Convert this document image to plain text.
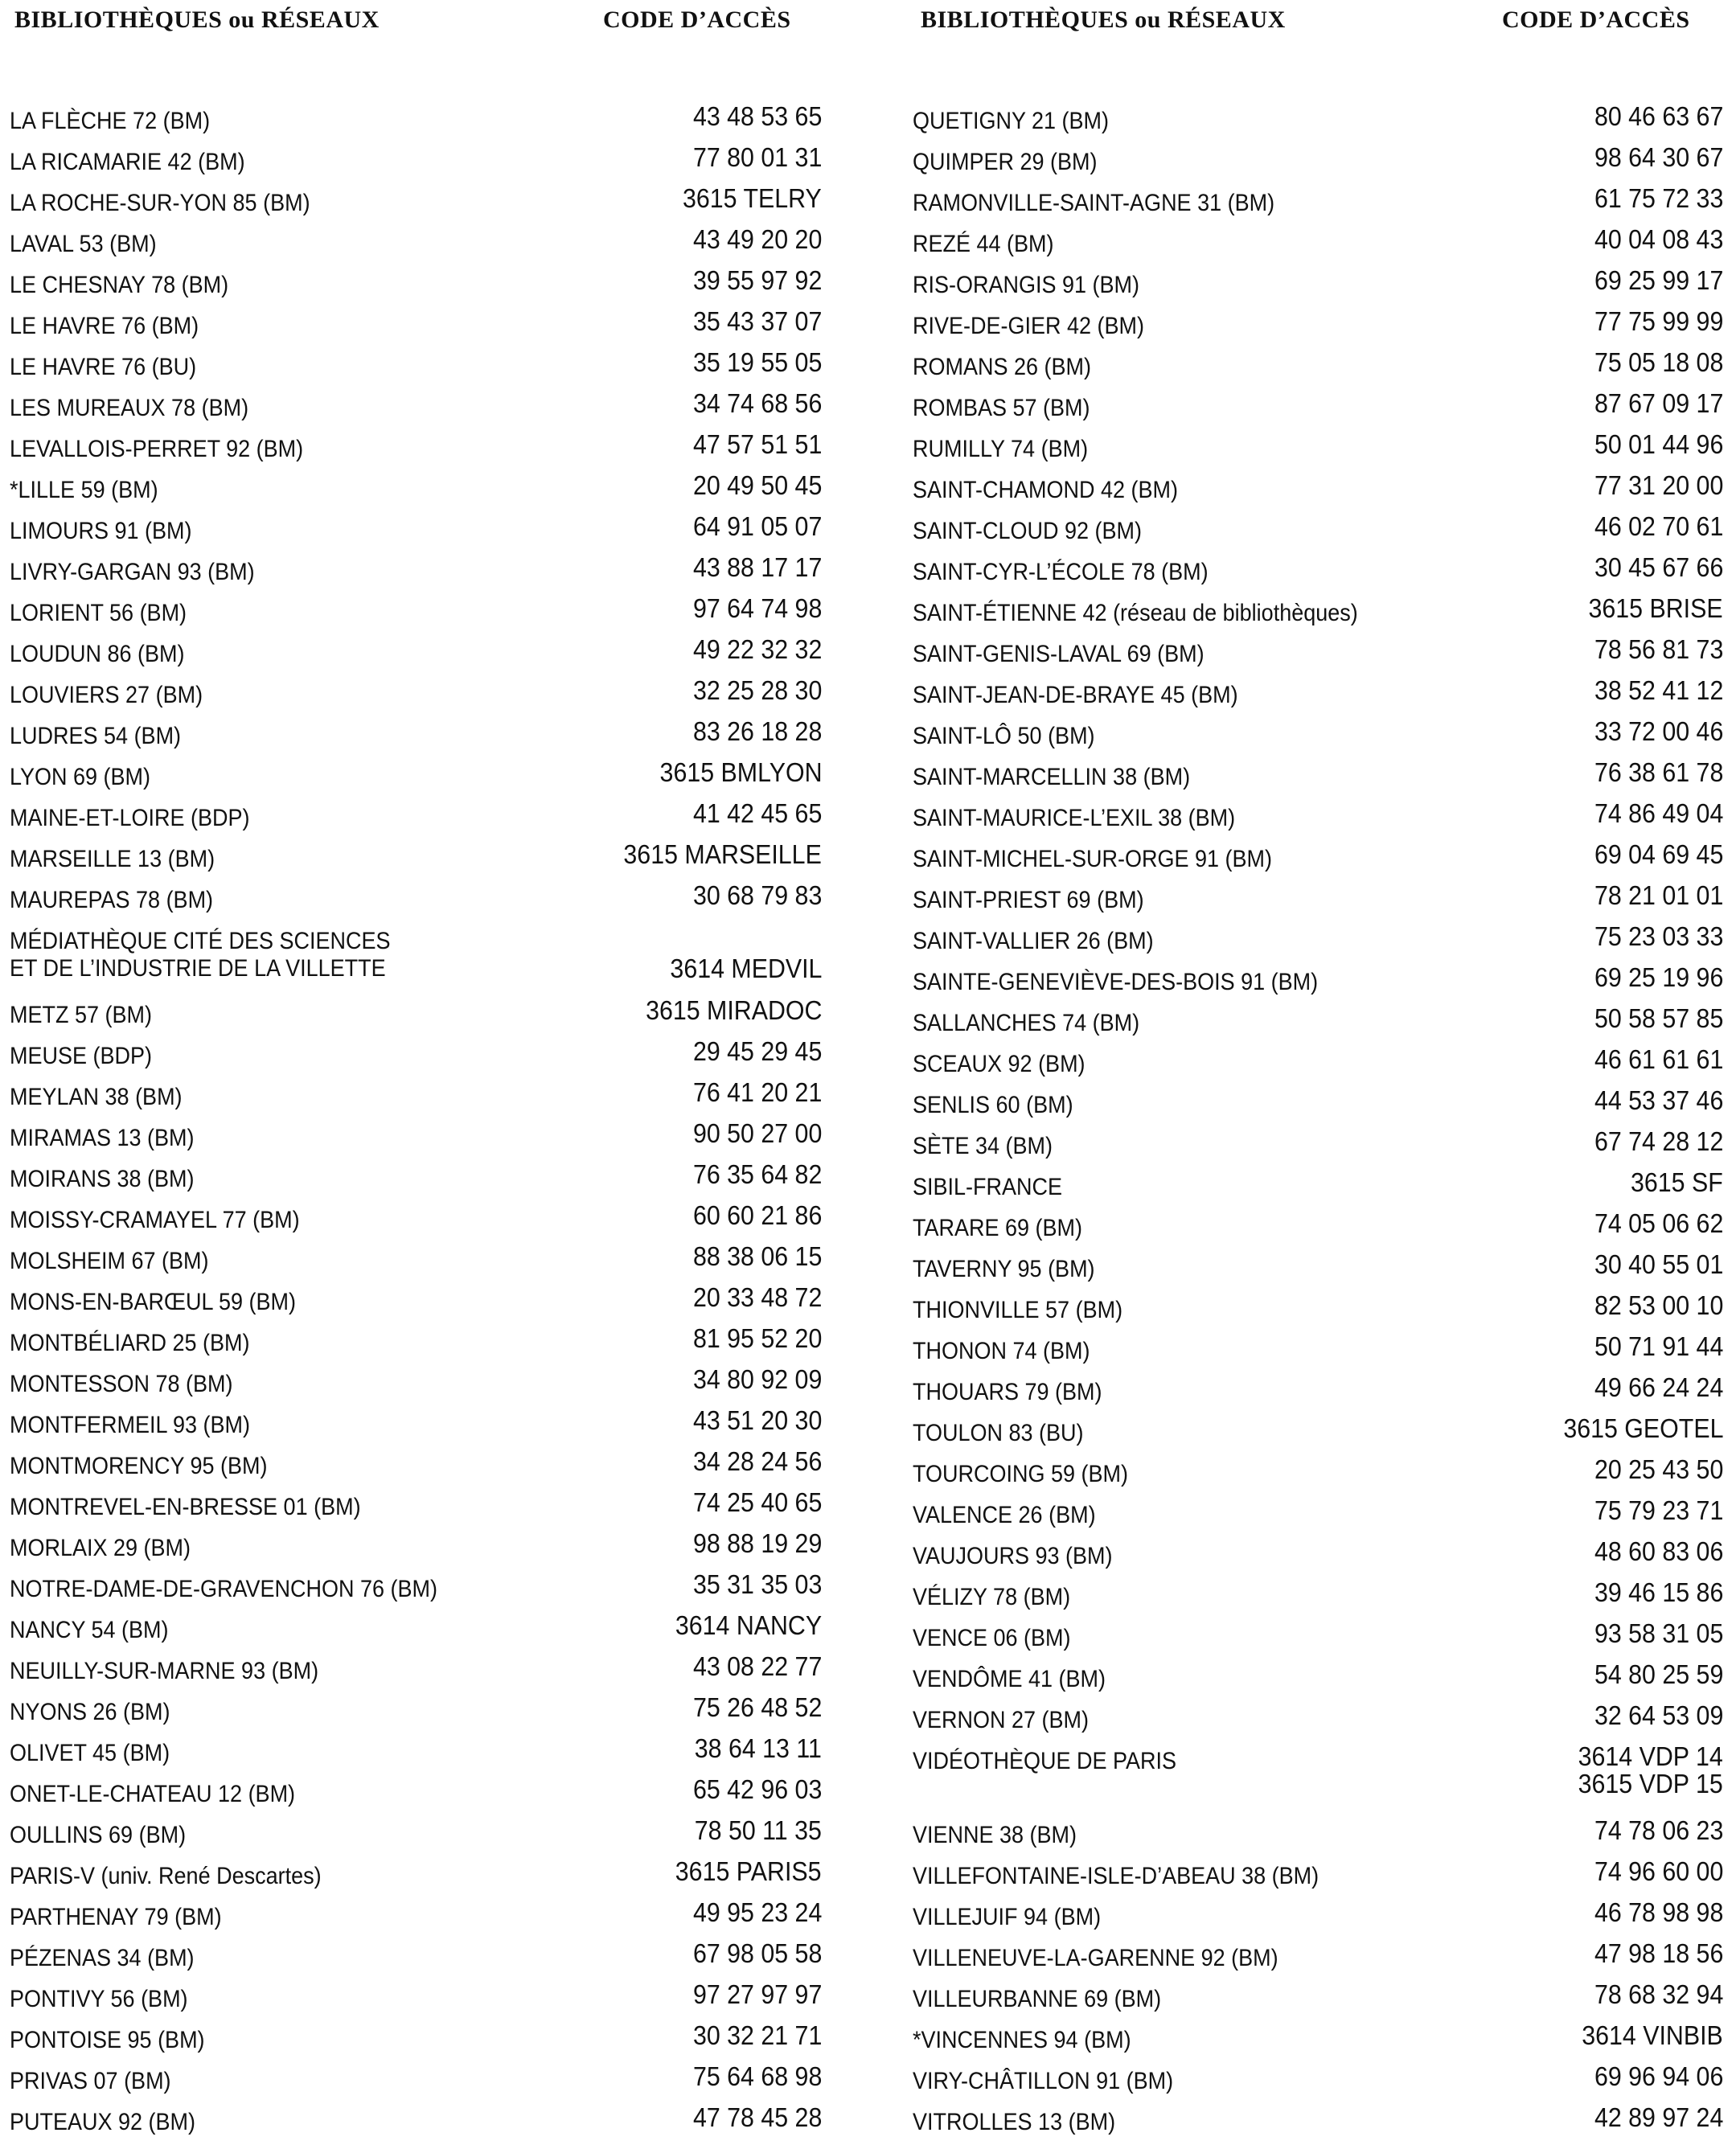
BIBLIOTHÈQUES ou RÉSEAUX	CODE D’ACCÈS	BIBLIOTHÈQUES ou RÉSEAUX	CODE D’ACCÈS
LA FLÈCHE 72 (BM)	43 48 53 65
LA RICAMARIE 42 (BM)	77 80 01 31
LA ROCHE-SUR-YON 85 (BM)	3615 TELRY
LAVAL 53 (BM)	43 49 20 20
LE CHESNAY 78 (BM)	39 55 97 92
LE HAVRE 76 (BM)	35 43 37 07
LE HAVRE 76 (BU)	35 19 55 05
LES MUREAUX 78 (BM)	34 74 68 56
LEVALLOIS-PERRET 92 (BM)	47 57 51 51
*LILLE 59 (BM)	20 49 50 45
LIMOURS 91 (BM)	64 91 05 07
LIVRY-GARGAN 93 (BM)	43 88 17 17
LORIENT 56 (BM)	97 64 74 98
LOUDUN 86 (BM)	49 22 32 32
LOUVIERS 27 (BM)	32 25 28 30
LUDRES 54 (BM)	83 26 18 28
LYON 69 (BM)	3615 BMLYON
MAINE-ET-LOIRE (BDP)	41 42 45 65
MARSEILLE 13 (BM)	3615 MARSEILLE
MAUREPAS 78 (BM)	30 68 79 83
MÉDIATHÈQUE CITÉ DES SCIENCES
ET DE L’INDUSTRIE DE LA VILLETTE	3614 MEDVIL
METZ 57 (BM)	3615 MIRADOC
MEUSE (BDP)	29 45 29 45
MEYLAN 38 (BM)	76 41 20 21
MIRAMAS 13 (BM)	90 50 27 00
MOIRANS 38 (BM)	76 35 64 82
MOISSY-CRAMAYEL 77 (BM)	60 60 21 86
MOLSHEIM 67 (BM)	88 38 06 15
MONS-EN-BARŒUL 59 (BM)	20 33 48 72
MONTBÉLIARD 25 (BM)	81 95 52 20
MONTESSON 78 (BM)	34 80 92 09
MONTFERMEIL 93 (BM)	43 51 20 30
MONTMORENCY 95 (BM)	34 28 24 56
MONTREVEL-EN-BRESSE 01 (BM)	74 25 40 65
MORLAIX 29 (BM)	98 88 19 29
NOTRE-DAME-DE-GRAVENCHON 76 (BM)	35 31 35 03
NANCY 54 (BM)	3614 NANCY
NEUILLY-SUR-MARNE 93 (BM)	43 08 22 77
NYONS 26 (BM)	75 26 48 52
OLIVET 45 (BM)	38 64 13 11
ONET-LE-CHATEAU 12 (BM)	65 42 96 03
OULLINS 69 (BM)	78 50 11 35
PARIS-V (univ. René Descartes)	3615 PARIS5
PARTHENAY 79 (BM)	49 95 23 24
PÉZENAS 34 (BM)	67 98 05 58
PONTIVY 56 (BM)	97 27 97 97
PONTOISE 95 (BM)	30 32 21 71
PRIVAS 07 (BM)	75 64 68 98
PUTEAUX 92 (BM)	47 78 45 28
QUETIGNY 21 (BM)	80 46 63 67
QUIMPER 29 (BM)	98 64 30 67
RAMONVILLE-SAINT-AGNE 31 (BM)	61 75 72 33
REZÉ 44 (BM)	40 04 08 43
RIS-ORANGIS 91 (BM)	69 25 99 17
RIVE-DE-GIER 42 (BM)	77 75 99 99
ROMANS 26 (BM)	75 05 18 08
ROMBAS 57 (BM)	87 67 09 17
RUMILLY 74 (BM)	50 01 44 96
SAINT-CHAMOND 42 (BM)	77 31 20 00
SAINT-CLOUD 92 (BM)	46 02 70 61
SAINT-CYR-L’ÉCOLE 78 (BM)	30 45 67 66
SAINT-ÉTIENNE 42 (réseau de bibliothèques)	3615 BRISE
SAINT-GENIS-LAVAL 69 (BM)	78 56 81 73
SAINT-JEAN-DE-BRAYE 45 (BM)	38 52 41 12
SAINT-LÔ 50 (BM)	33 72 00 46
SAINT-MARCELLIN 38 (BM)	76 38 61 78
SAINT-MAURICE-L’EXIL 38 (BM)	74 86 49 04
SAINT-MICHEL-SUR-ORGE 91 (BM)	69 04 69 45
SAINT-PRIEST 69 (BM)	78 21 01 01
SAINT-VALLIER 26 (BM)	75 23 03 33
SAINTE-GENEVIÈVE-DES-BOIS 91 (BM)	69 25 19 96
SALLANCHES 74 (BM)	50 58 57 85
SCEAUX 92 (BM)	46 61 61 61
SENLIS 60 (BM)	44 53 37 46
SÈTE 34 (BM)	67 74 28 12
SIBIL-FRANCE	3615 SF
TARARE 69 (BM)	74 05 06 62
TAVERNY 95 (BM)	30 40 55 01
THIONVILLE 57 (BM)	82 53 00 10
THONON 74 (BM)	50 71 91 44
THOUARS 79 (BM)	49 66 24 24
TOULON 83 (BU)	3615 GEOTEL
TOURCOING 59 (BM)	20 25 43 50
VALENCE 26 (BM)	75 79 23 71
VAUJOURS 93 (BM)	48 60 83 06
VÉLIZY 78 (BM)	39 46 15 86
VENCE 06 (BM)	93 58 31 05
VENDÔME 41 (BM)	54 80 25 59
VERNON 27 (BM)	32 64 53 09
VIDÉOTHÈQUE DE PARIS	3614 VDP 14
3615 VDP 15
VIENNE 38 (BM)	74 78 06 23
VILLEFONTAINE-ISLE-D’ABEAU 38 (BM)	74 96 60 00
VILLEJUIF 94 (BM)	46 78 98 98
VILLENEUVE-LA-GARENNE 92 (BM)	47 98 18 56
VILLEURBANNE 69 (BM)	78 68 32 94
*VINCENNES 94 (BM)	3614 VINBIB
VIRY-CHÂTILLON 91 (BM)	69 96 94 06
VITROLLES 13 (BM)	42 89 97 24
